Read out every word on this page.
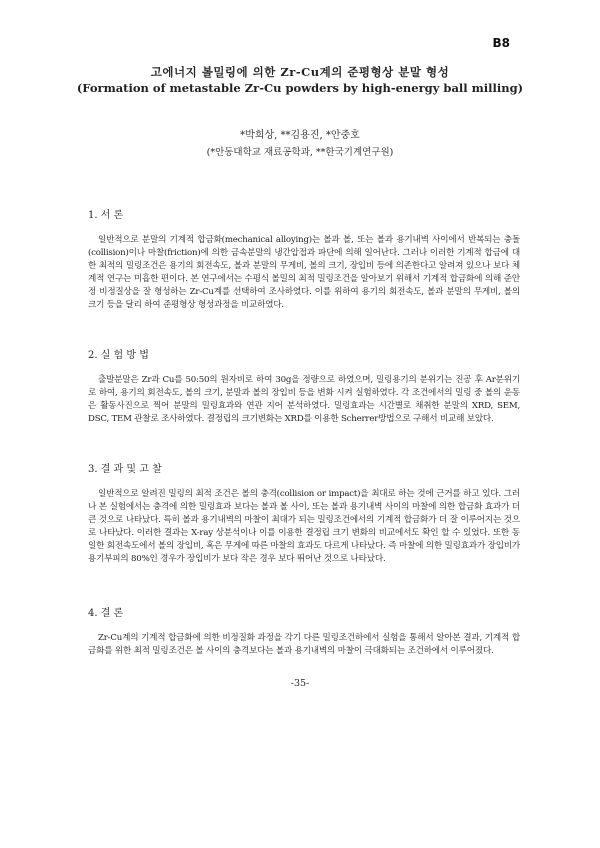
B8
고에너지 볼밀링에 의한 Zr-Cu계의 준평형상 분말 형성
(Formation of metastable Zr-Cu powders by high-energy ball milling)
*박희상, **김용진, *안중호
(*안동대학교 재료공학과, **한국기계연구원)
1. 서 론

일반적으로 분말의 기계적 합금화(mechanical alloying)는 볼과 볼, 또는 볼과 용기내벽 사이에서 반복되는 충돌(collision)이나 마찰(friction)에 의한 금속분말의 냉간압접과 파단에 의해 일어난다. 그러나 이러한 기계적 합금에 대한 최적의 밀링조건은 용기의 회전속도, 볼과 분말의 무게비, 볼의 크기, 장입비 등에 의존한다고 알려져 있으나 보다 체계적 연구는 미흡한 편이다. 본 연구에서는 수평식 볼밀의 최적 밀링조건을 알아보기 위해서 기계적 합금화에 의해 준안정 비정질상을 잘 형성하는 Zr-Cu계를 선택하여 조사하였다. 이를 위하여 용기의 회전속도, 볼과 분말의 무게비, 볼의 크기 등을 달리 하여 준평형상 형성과정을 비교하였다.

2. 실 험 방 법

출발분말은 Zr과 Cu를 50:50의 원자비로 하여 30g을 정량으로 하였으며, 밀링용기의 분위기는 진공 후 Ar분위기로 하여, 용기의 회전속도, 볼의 크기, 분말과 볼의 장입비 등을 변화 시켜 실험하였다. 각 조건에서의 밀링 중 볼의 운동은 활동사진으로 찍어 분말의 밀링효과와 연관 지어 분석하였다. 밀링효과는 시간별로 채취한 분말의 XRD, SEM, DSC, TEM 관찰로 조사하였다. 결정립의 크기변화는 XRD를 이용한 Scherrer방법으로 구해서 비교해 보았다.

3. 결 과 및 고 찰

일반적으로 알려진 밀링의 최적 조건은 볼의 충격(collision or impact)을 최대로 하는 것에 근거를 하고 있다. 그러나 본 실험에서는 충격에 의한 밀링효과 보다는 볼과 볼 사이, 또는 볼과 용기내벽 사이의 마찰에 의한 합금화 효과가 더 큰 것으로 나타났다. 특히 볼과 용기내벽의 마찰이 최대가 되는 밀링조건에서의 기계적 합금화가 더 잘 이루어지는 것으로 나타났다. 이러한 결과는 X-ray 상분석이나 이를 이용한 결정립 크기 변화의 비교에서도 확인 할 수 있었다. 또한 동일한 회전속도에서 볼의 장입비, 혹은 무게에 따른 마찰의 효과도 다르게 나타났다. 즉 마찰에 의한 밀링효과가 장입비가 용기부피의 80%인 경우가 장입비가 보다 작은 경우 보다 뛰어난 것으로 나타났다.

4. 결 론

Zr-Cu계의 기계적 합금화에 의한 비정질화 과정을 각기 다른 밀링조건하에서 실험을 통해서 알아본 결과, 기계적 합금화를 위한 최적 밀링조건은 볼 사이의 충격보다는 볼과 용기내벽의 마찰이 극대화되는 조건하에서 이루어졌다.

-35-
